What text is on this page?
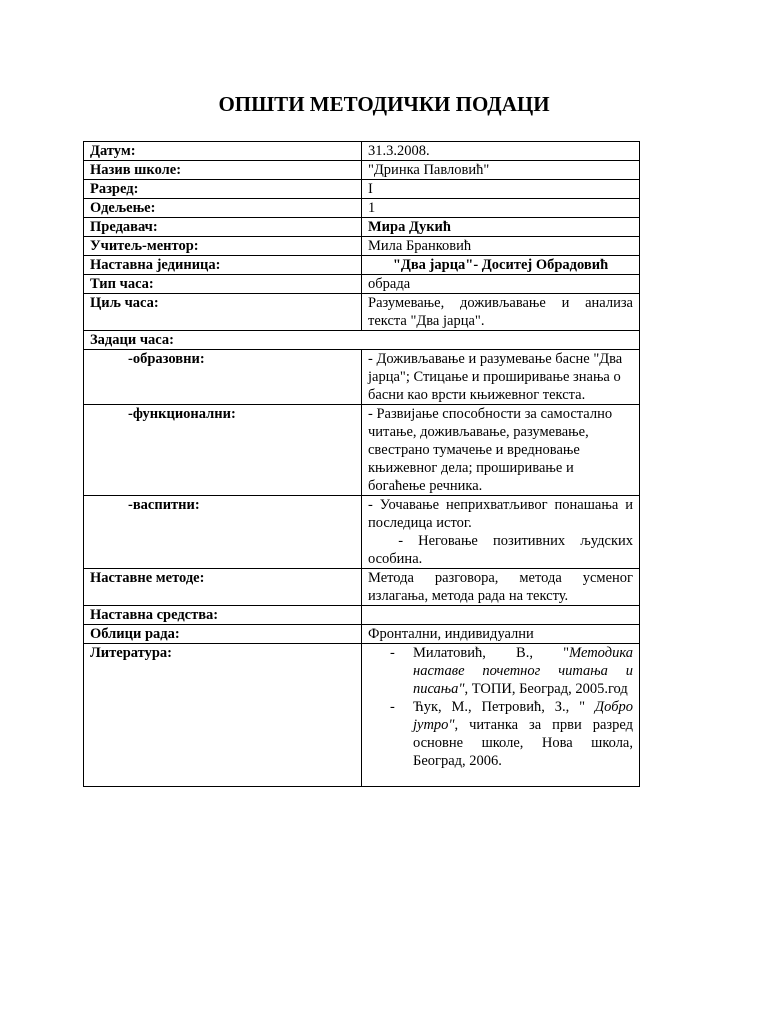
ОПШТИ МЕТОДИЧКИ ПОДАЦИ
Датум:	31.3.2008.
Назив школе:	"Дринка Павловић"
Разред:	I
Одељење:	1
Предавач:	Мира Дукић
Учитељ-ментор:	Мила Бранковић
Наставна јединица:	"Два јарца"- Доситеј Обрадовић
Тип часа:	обрада
Циљ часа:	Разумевање, доживљавање и анализа текста "Два јарца".
Задаци часа:	
-образовни:	- Доживљавање и разумевање басне "Два јарца"; Стицање и проширивање знања о басни као врсти књижевног текста.
-функционални:	- Развијање способности за самостално читање, доживљавање, разумевање, свестрано тумачење и вредновање књижевног дела; проширивање и богаћење речника.
-васпитни:	- Уочавање неприхватљивог понашања и последица истог.
- Неговање позитивних људских особина.

Наставне методе:	Метода разговора, метода усменог излагања, метода рада на тексту.
Наставна средства:	
Облици рада:	Фронтални, индивидуални
Литература:	- Милатовић, В., "Методика наставе почетног читања и писања", ТОПИ, Београд, 2005.год
- Ћук, М., Петровић, З., " Добро јутро", читанка за први разред основне школе, Нова школа, Београд, 2006.
